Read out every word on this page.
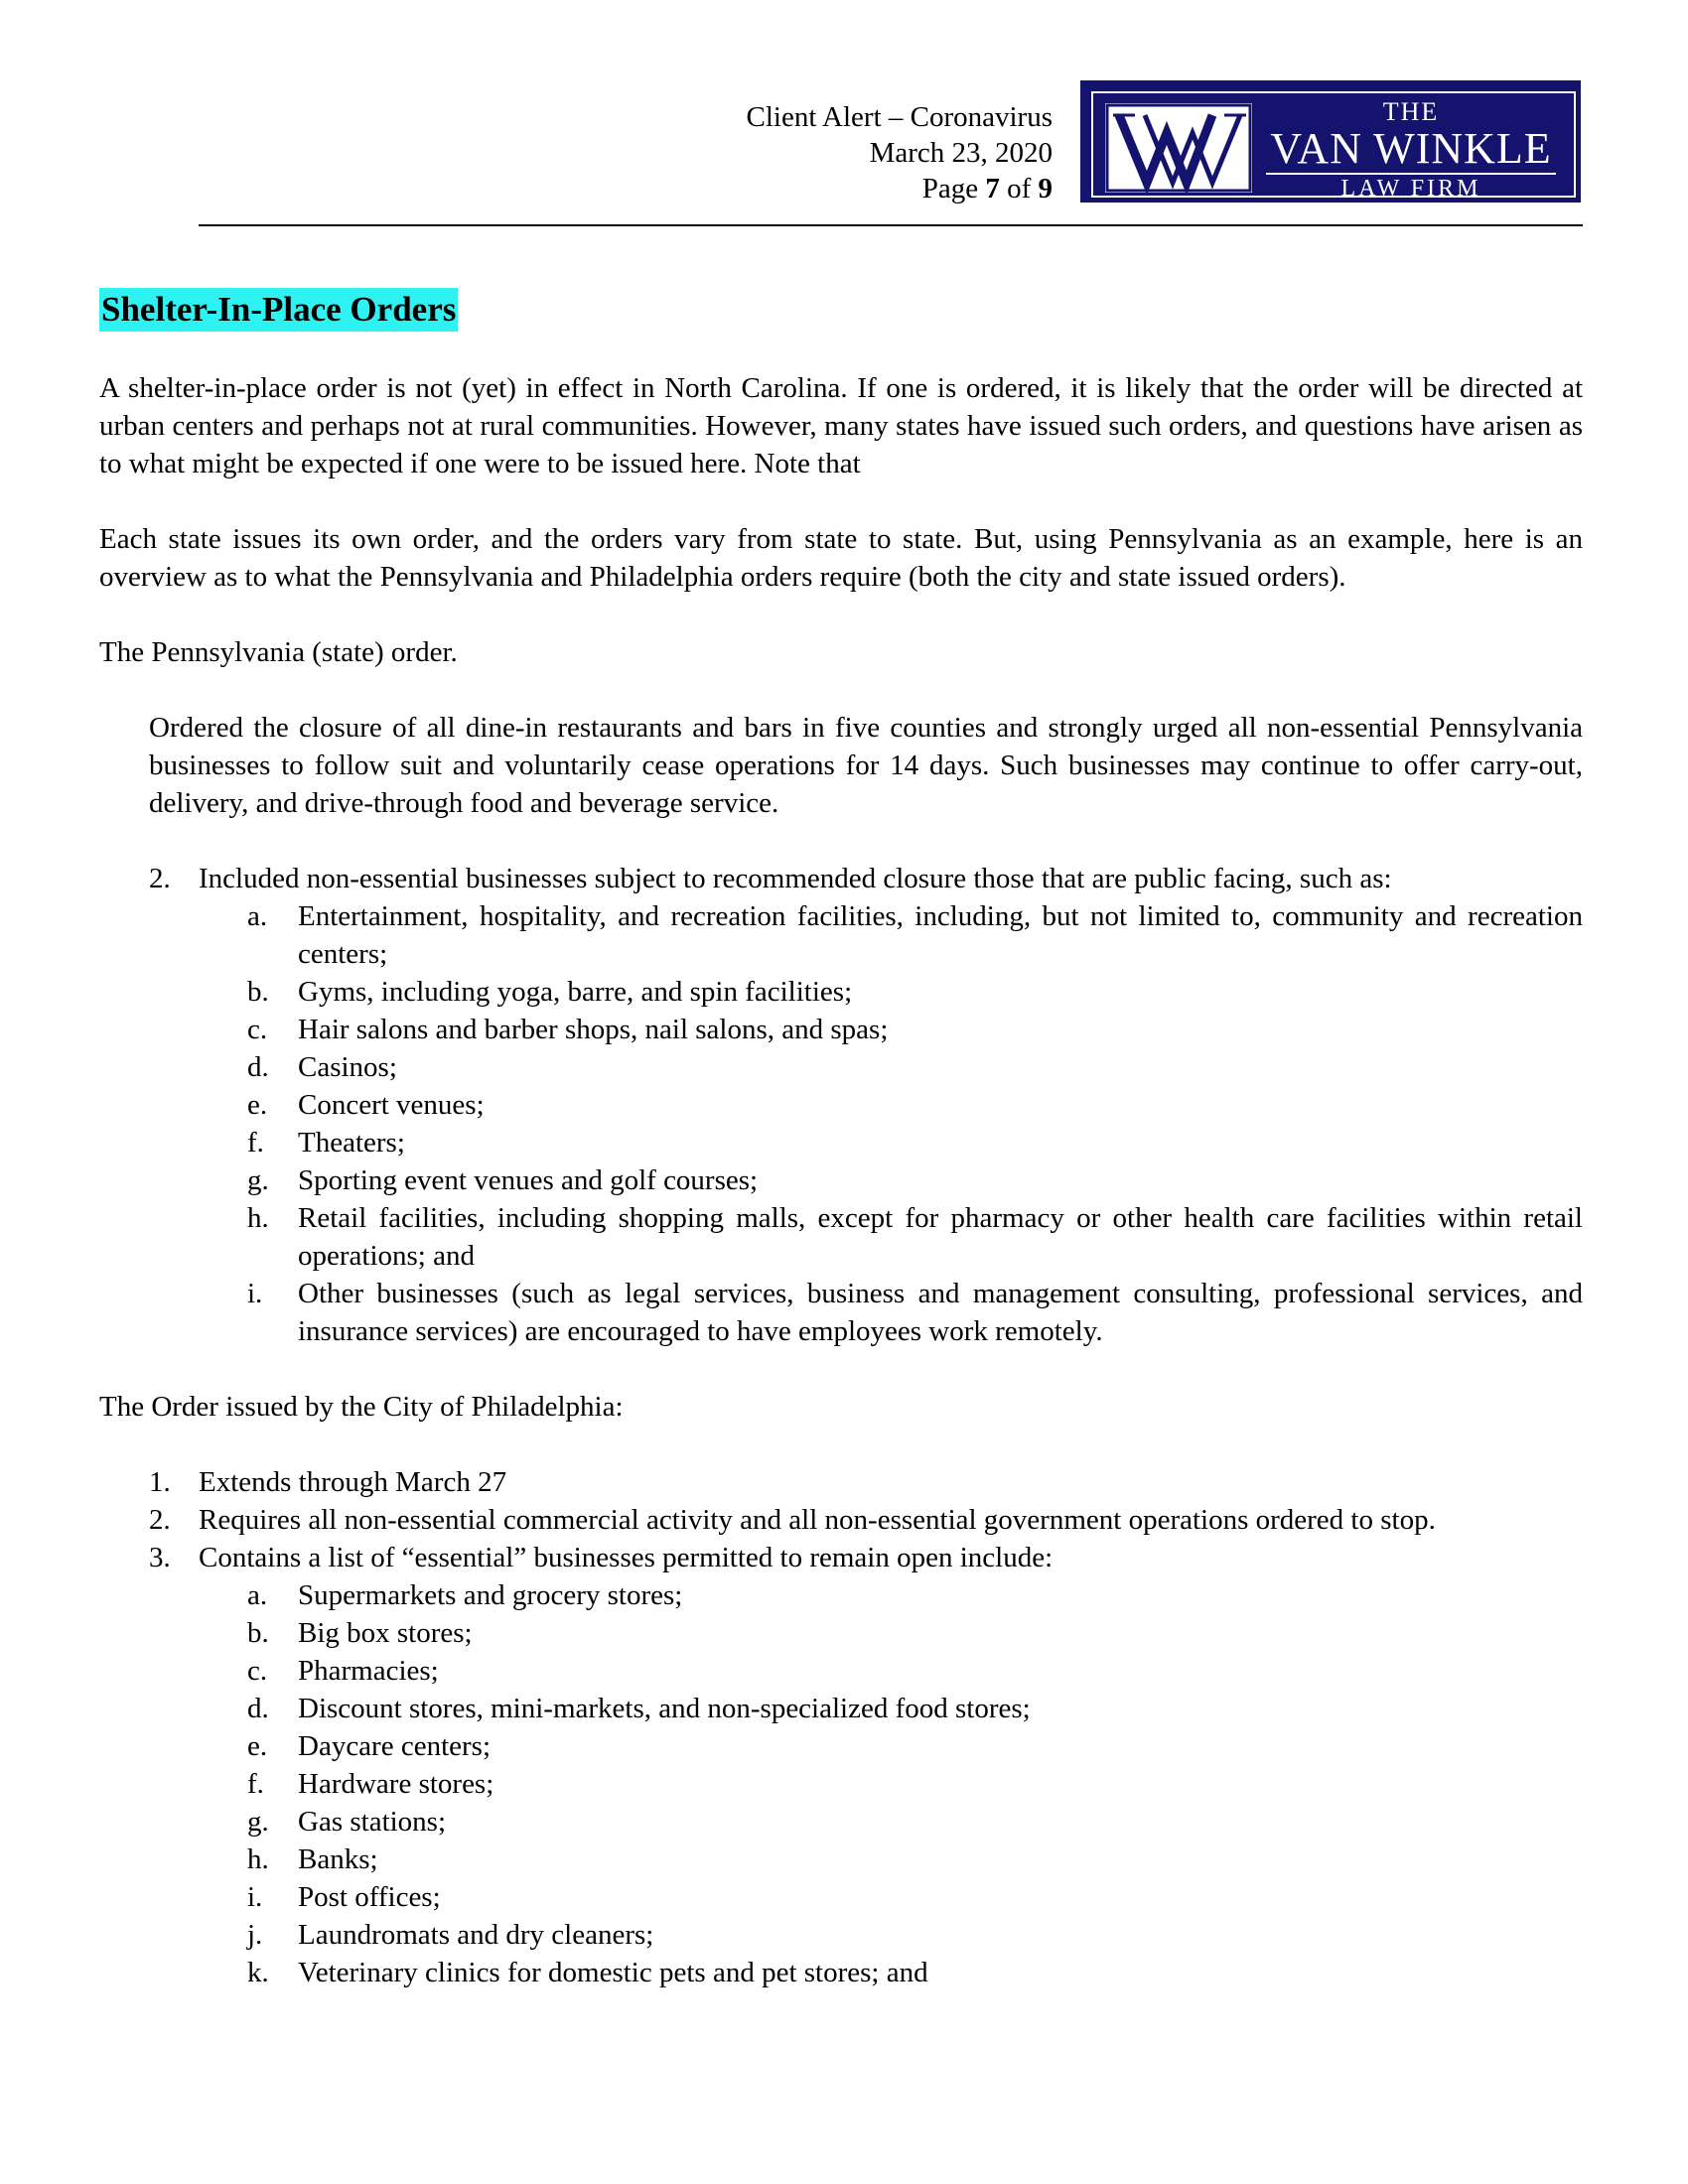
Client Alert – Coronavirus
March 23, 2020
Page 7 of 9
THE
VAN WINKLE
LAW FIRM
Shelter-In-Place Orders

A shelter-in-place order is not (yet) in effect in North Carolina. If one is ordered, it is likely that the order will be directed at urban centers and perhaps not at rural communities. However, many states have issued such orders, and questions have arisen as to what might be expected if one were to be issued here. Note that

Each state issues its own order, and the orders vary from state to state. But, using Pennsylvania as an example, here is an overview as to what the Pennsylvania and Philadelphia orders require (both the city and state issued orders).

The Pennsylvania (state) order.

Ordered the closure of all dine-in restaurants and bars in five counties and strongly urged all non-essential Pennsylvania businesses to follow suit and voluntarily cease operations for 14 days. Such businesses may continue to offer carry-out, delivery, and drive-through food and beverage service.

2. Included non-essential businesses subject to recommended closure those that are public facing, such as:
a. Entertainment, hospitality, and recreation facilities, including, but not limited to, community and recreation centers;
b. Gyms, including yoga, barre, and spin facilities;
c. Hair salons and barber shops, nail salons, and spas;
d. Casinos;
e. Concert venues;
f. Theaters;
g. Sporting event venues and golf courses;
h. Retail facilities, including shopping malls, except for pharmacy or other health care facilities within retail operations; and
i. Other businesses (such as legal services, business and management consulting, professional services, and insurance services) are encouraged to have employees work remotely.

The Order issued by the City of Philadelphia:

1. Extends through March 27
2. Requires all non-essential commercial activity and all non-essential government operations ordered to stop.
3. Contains a list of “essential” businesses permitted to remain open include:
a. Supermarkets and grocery stores;
b. Big box stores;
c. Pharmacies;
d. Discount stores, mini-markets, and non-specialized food stores;
e. Daycare centers;
f. Hardware stores;
g. Gas stations;
h. Banks;
i. Post offices;
j. Laundromats and dry cleaners;
k. Veterinary clinics for domestic pets and pet stores; and
